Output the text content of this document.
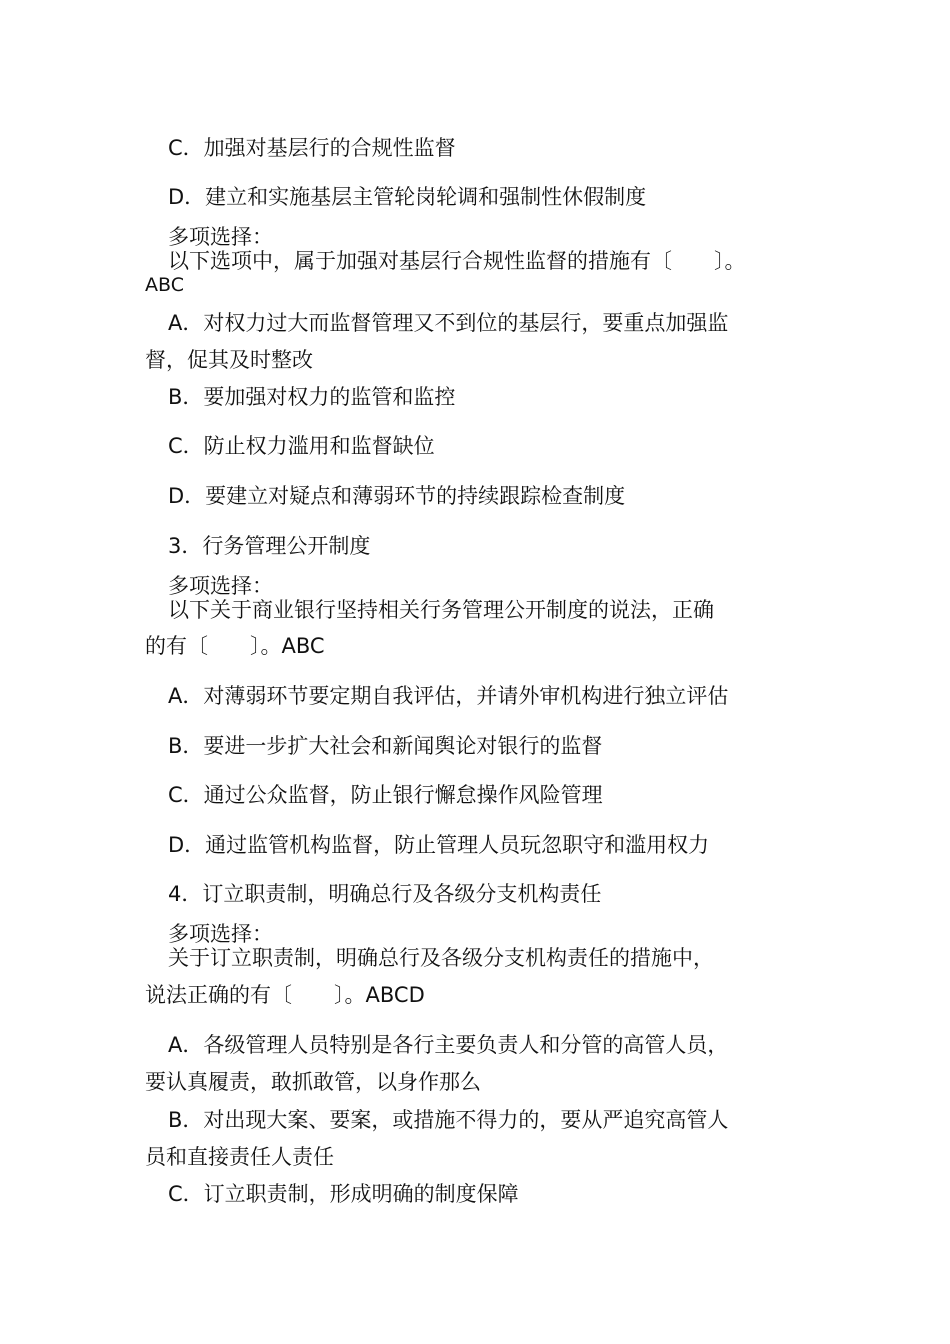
C．加强对基层行的合规性监督
D．建立和实施基层主管轮岗轮调和强制性休假制度
多项选择：
以下选项中，属于加强对基层行合规性监督的措施有〔　　〕。
ABC
A．对权力过大而监督管理又不到位的基层行，要重点加强监
督，促其及时整改
B．要加强对权力的监管和监控
C．防止权力滥用和监督缺位
D．要建立对疑点和薄弱环节的持续跟踪检查制度
3．行务管理公开制度
多项选择：
以下关于商业银行坚持相关行务管理公开制度的说法，正确
的有〔　　〕。ABC
A．对薄弱环节要定期自我评估，并请外审机构进行独立评估
B．要进一步扩大社会和新闻舆论对银行的监督
C．通过公众监督，防止银行懈怠操作风险管理
D．通过监管机构监督，防止管理人员玩忽职守和滥用权力
4．订立职责制，明确总行及各级分支机构责任
多项选择：
关于订立职责制，明确总行及各级分支机构责任的措施中，
说法正确的有〔　　〕。ABCD
A．各级管理人员特别是各行主要负责人和分管的高管人员，
要认真履责，敢抓敢管，以身作那么
B．对出现大案、要案，或措施不得力的，要从严追究高管人
员和直接责任人责任
C．订立职责制，形成明确的制度保障
